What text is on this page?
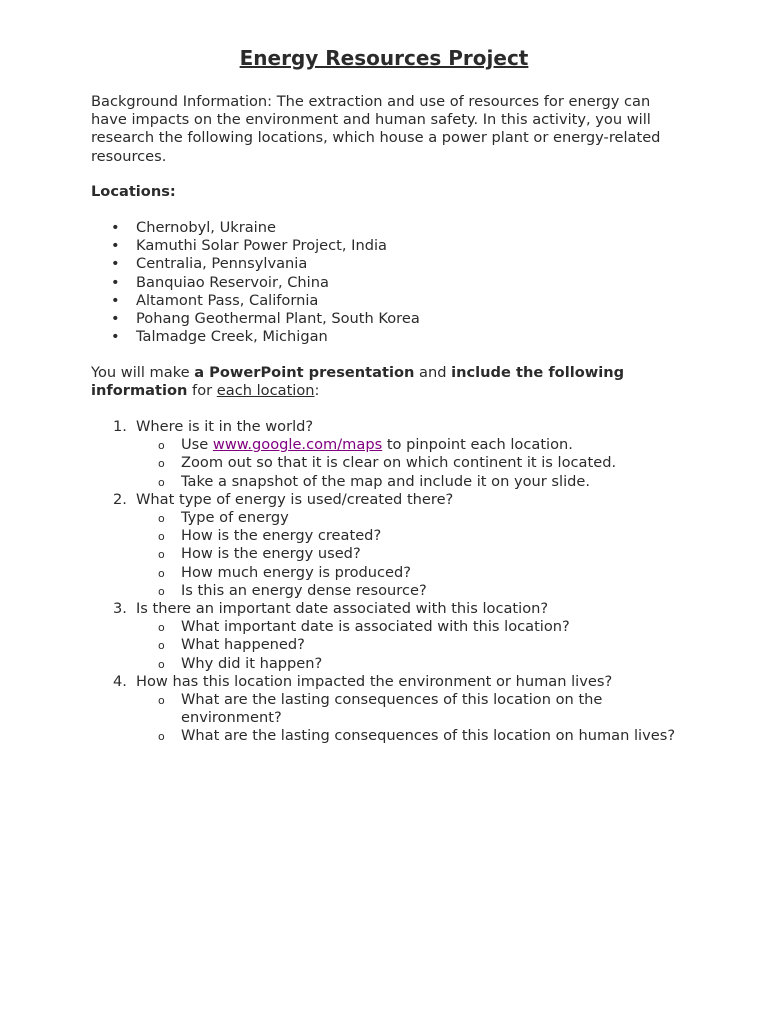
Energy Resources Project

Background Information: The extraction and use of resources for energy can have impacts on the environment and human safety. In this activity, you will research the following locations, which house a power plant or energy-related resources.

Locations:

• Chernobyl, Ukraine
• Kamuthi Solar Power Project, India
• Centralia, Pennsylvania
• Banquiao Reservoir, China
• Altamont Pass, California
• Pohang Geothermal Plant, South Korea
• Talmadge Creek, Michigan

You will make a PowerPoint presentation and include the following information for each location:

1. Where is it in the world?
o Use www.google.com/maps to pinpoint each location.
o Zoom out so that it is clear on which continent it is located.
o Take a snapshot of the map and include it on your slide.
2. What type of energy is used/created there?
o Type of energy
o How is the energy created?
o How is the energy used?
o How much energy is produced?
o Is this an energy dense resource?
3. Is there an important date associated with this location?
o What important date is associated with this location?
o What happened?
o Why did it happen?
4. How has this location impacted the environment or human lives?
o What are the lasting consequences of this location on the environment?
o What are the lasting consequences of this location on human lives?
